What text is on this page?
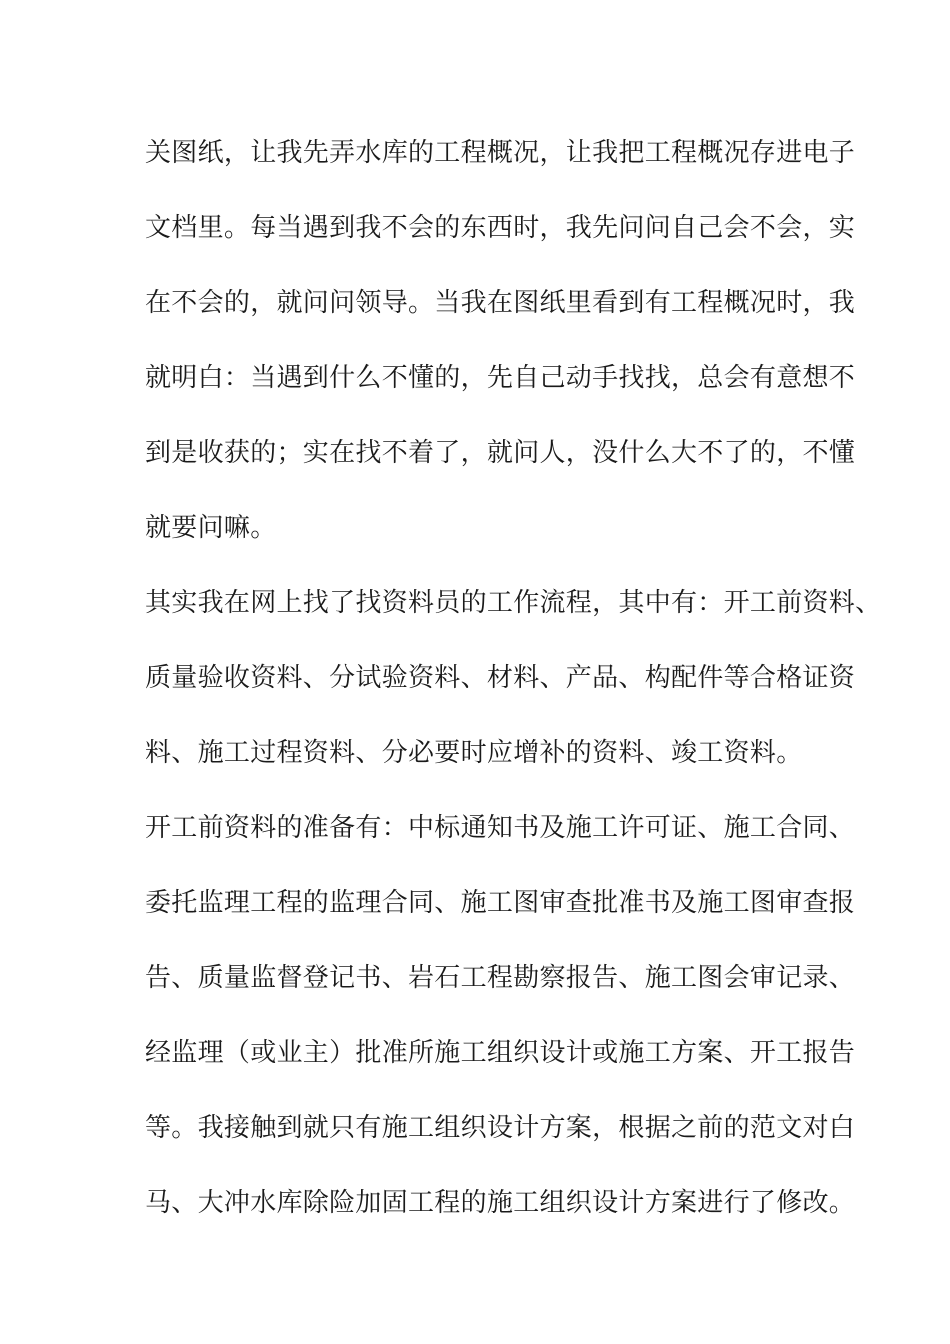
关图纸，让我先弄水库的工程概况，让我把工程概况存进电子
文档里。每当遇到我不会的东西时，我先问问自己会不会，实
在不会的，就问问领导。当我在图纸里看到有工程概况时，我
就明白：当遇到什么不懂的，先自己动手找找，总会有意想不
到是收获的；实在找不着了，就问人，没什么大不了的，不懂
就要问嘛。
其实我在网上找了找资料员的工作流程，其中有：开工前资料、
质量验收资料、分试验资料、材料、产品、构配件等合格证资
料、施工过程资料、分必要时应增补的资料、竣工资料。
开工前资料的准备有：中标通知书及施工许可证、施工合同、
委托监理工程的监理合同、施工图审查批准书及施工图审查报
告、质量监督登记书、岩石工程勘察报告、施工图会审记录、
经监理（或业主）批准所施工组织设计或施工方案、开工报告
等。我接触到就只有施工组织设计方案，根据之前的范文对白
马、大冲水库除险加固工程的施工组织设计方案进行了修改。
